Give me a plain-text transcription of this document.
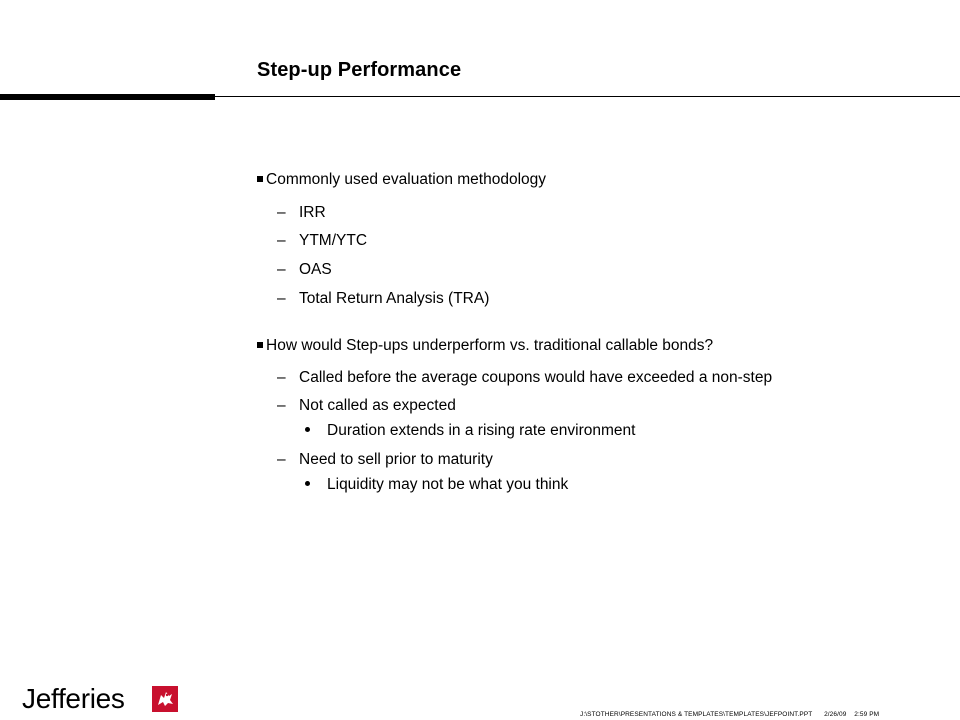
Step-up Performance
Commonly used evaluation methodology
– IRR
– YTM/YTC
– OAS
– Total Return Analysis (TRA)
How would Step-ups underperform vs. traditional callable bonds?
– Called before the average coupons would have exceeded a non-step
– Not called as expected
Duration extends in a rising rate environment
– Need to sell prior to maturity
Liquidity may not be what you think
Jefferies
J:\STOTHER\PRESENTATIONS & TEMPLATES\TEMPLATES\JEFPOINT.PPT 2/26/09 2:59 PM
